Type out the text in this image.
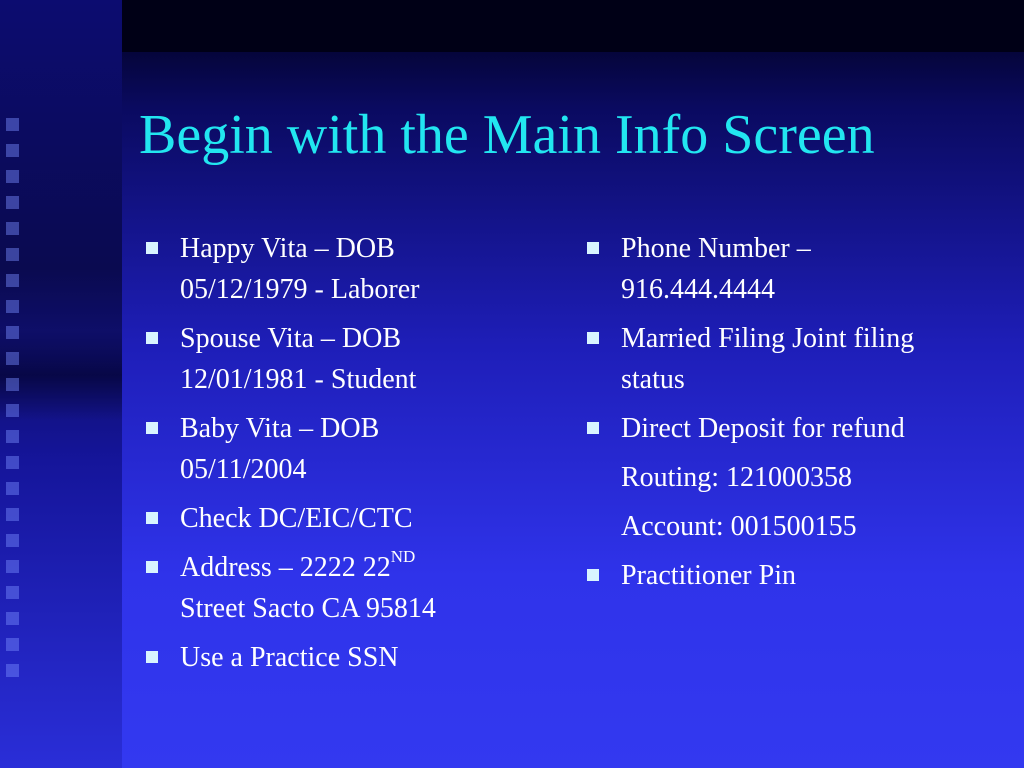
Begin with the Main Info Screen
Happy Vita – DOB
05/12/1979 - Laborer
Spouse Vita – DOB
12/01/1981 - Student
Baby Vita – DOB
05/11/2004
Check DC/EIC/CTC
Address – 2222 22ND
Street Sacto CA 95814
Use a Practice SSN
Phone Number –
916.444.4444
Married Filing Joint filing
status
Direct Deposit for refund
Routing: 121000358
Account: 001500155
Practitioner Pin
